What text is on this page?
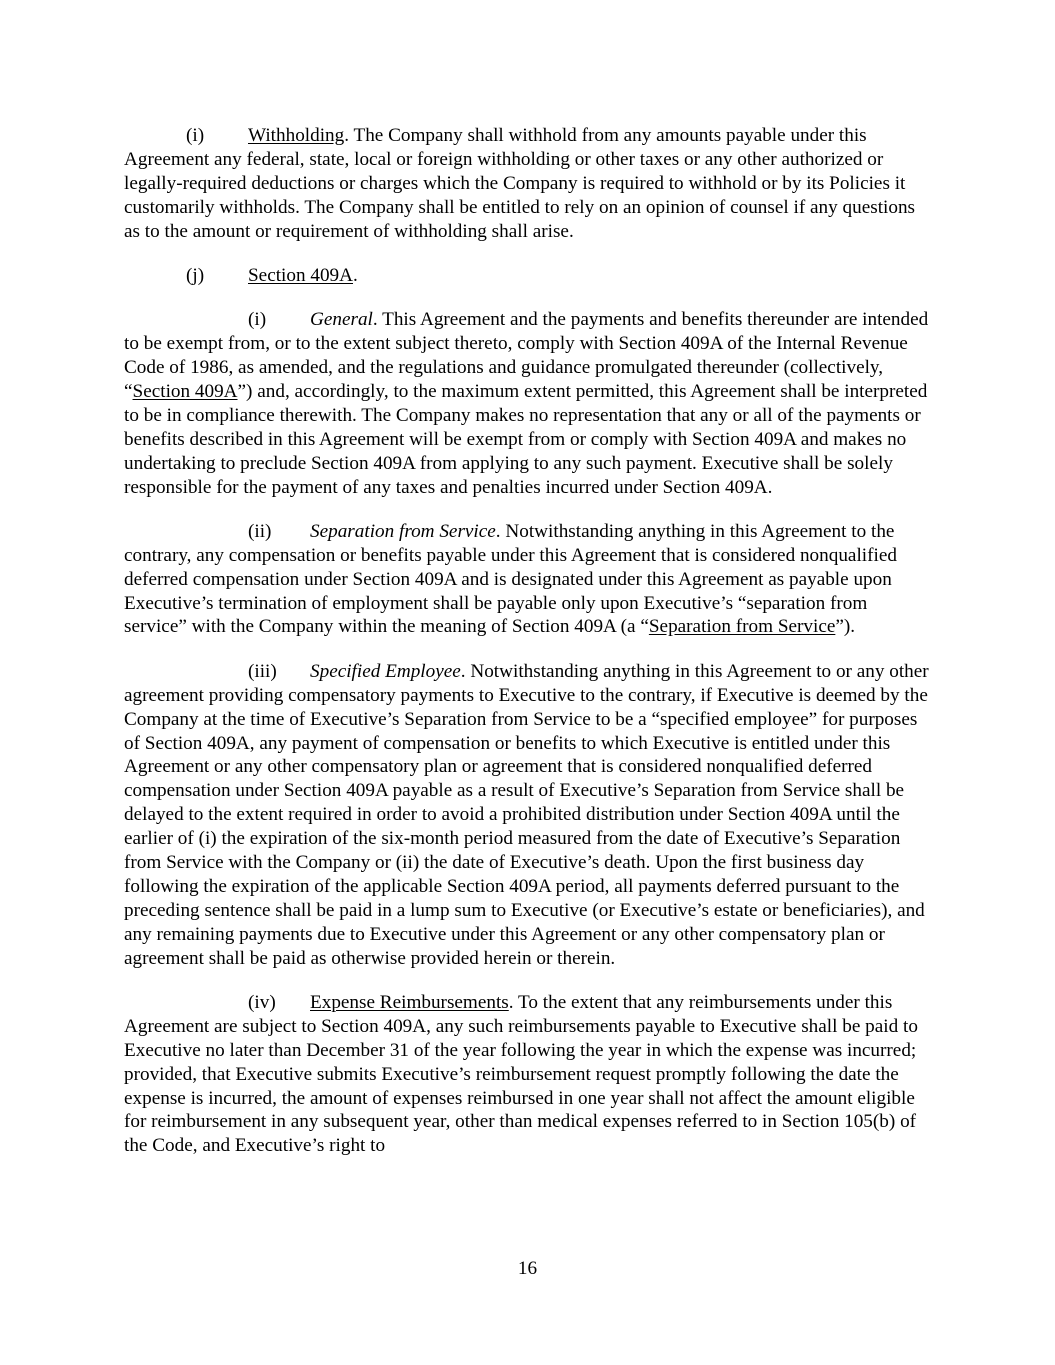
(i) Withholding. The Company shall withhold from any amounts payable under this Agreement any federal, state, local or foreign withholding or other taxes or any other authorized or legally-required deductions or charges which the Company is required to withhold or by its Policies it customarily withholds. The Company shall be entitled to rely on an opinion of counsel if any questions as to the amount or requirement of withholding shall arise.

(j) Section 409A.

(i) General. This Agreement and the payments and benefits thereunder are intended to be exempt from, or to the extent subject thereto, comply with Section 409A of the Internal Revenue Code of 1986, as amended, and the regulations and guidance promulgated thereunder (collectively, “Section 409A”) and, accordingly, to the maximum extent permitted, this Agreement shall be interpreted to be in compliance therewith. The Company makes no representation that any or all of the payments or benefits described in this Agreement will be exempt from or comply with Section 409A and makes no undertaking to preclude Section 409A from applying to any such payment. Executive shall be solely responsible for the payment of any taxes and penalties incurred under Section 409A.

(ii) Separation from Service. Notwithstanding anything in this Agreement to the contrary, any compensation or benefits payable under this Agreement that is considered nonqualified deferred compensation under Section 409A and is designated under this Agreement as payable upon Executive’s termination of employment shall be payable only upon Executive’s “separation from service” with the Company within the meaning of Section 409A (a “Separation from Service”).

(iii) Specified Employee. Notwithstanding anything in this Agreement to or any other agreement providing compensatory payments to Executive to the contrary, if Executive is deemed by the Company at the time of Executive’s Separation from Service to be a “specified employee” for purposes of Section 409A, any payment of compensation or benefits to which Executive is entitled under this Agreement or any other compensatory plan or agreement that is considered nonqualified deferred compensation under Section 409A payable as a result of Executive’s Separation from Service shall be delayed to the extent required in order to avoid a prohibited distribution under Section 409A until the earlier of (i) the expiration of the six-month period measured from the date of Executive’s Separation from Service with the Company or (ii) the date of Executive’s death. Upon the first business day following the expiration of the applicable Section 409A period, all payments deferred pursuant to the preceding sentence shall be paid in a lump sum to Executive (or Executive’s estate or beneficiaries), and any remaining payments due to Executive under this Agreement or any other compensatory plan or agreement shall be paid as otherwise provided herein or therein.

(iv) Expense Reimbursements. To the extent that any reimbursements under this Agreement are subject to Section 409A, any such reimbursements payable to Executive shall be paid to Executive no later than December 31 of the year following the year in which the expense was incurred; provided, that Executive submits Executive’s reimbursement request promptly following the date the expense is incurred, the amount of expenses reimbursed in one year shall not affect the amount eligible for reimbursement in any subsequent year, other than medical expenses referred to in Section 105(b) of the Code, and Executive’s right to

16
